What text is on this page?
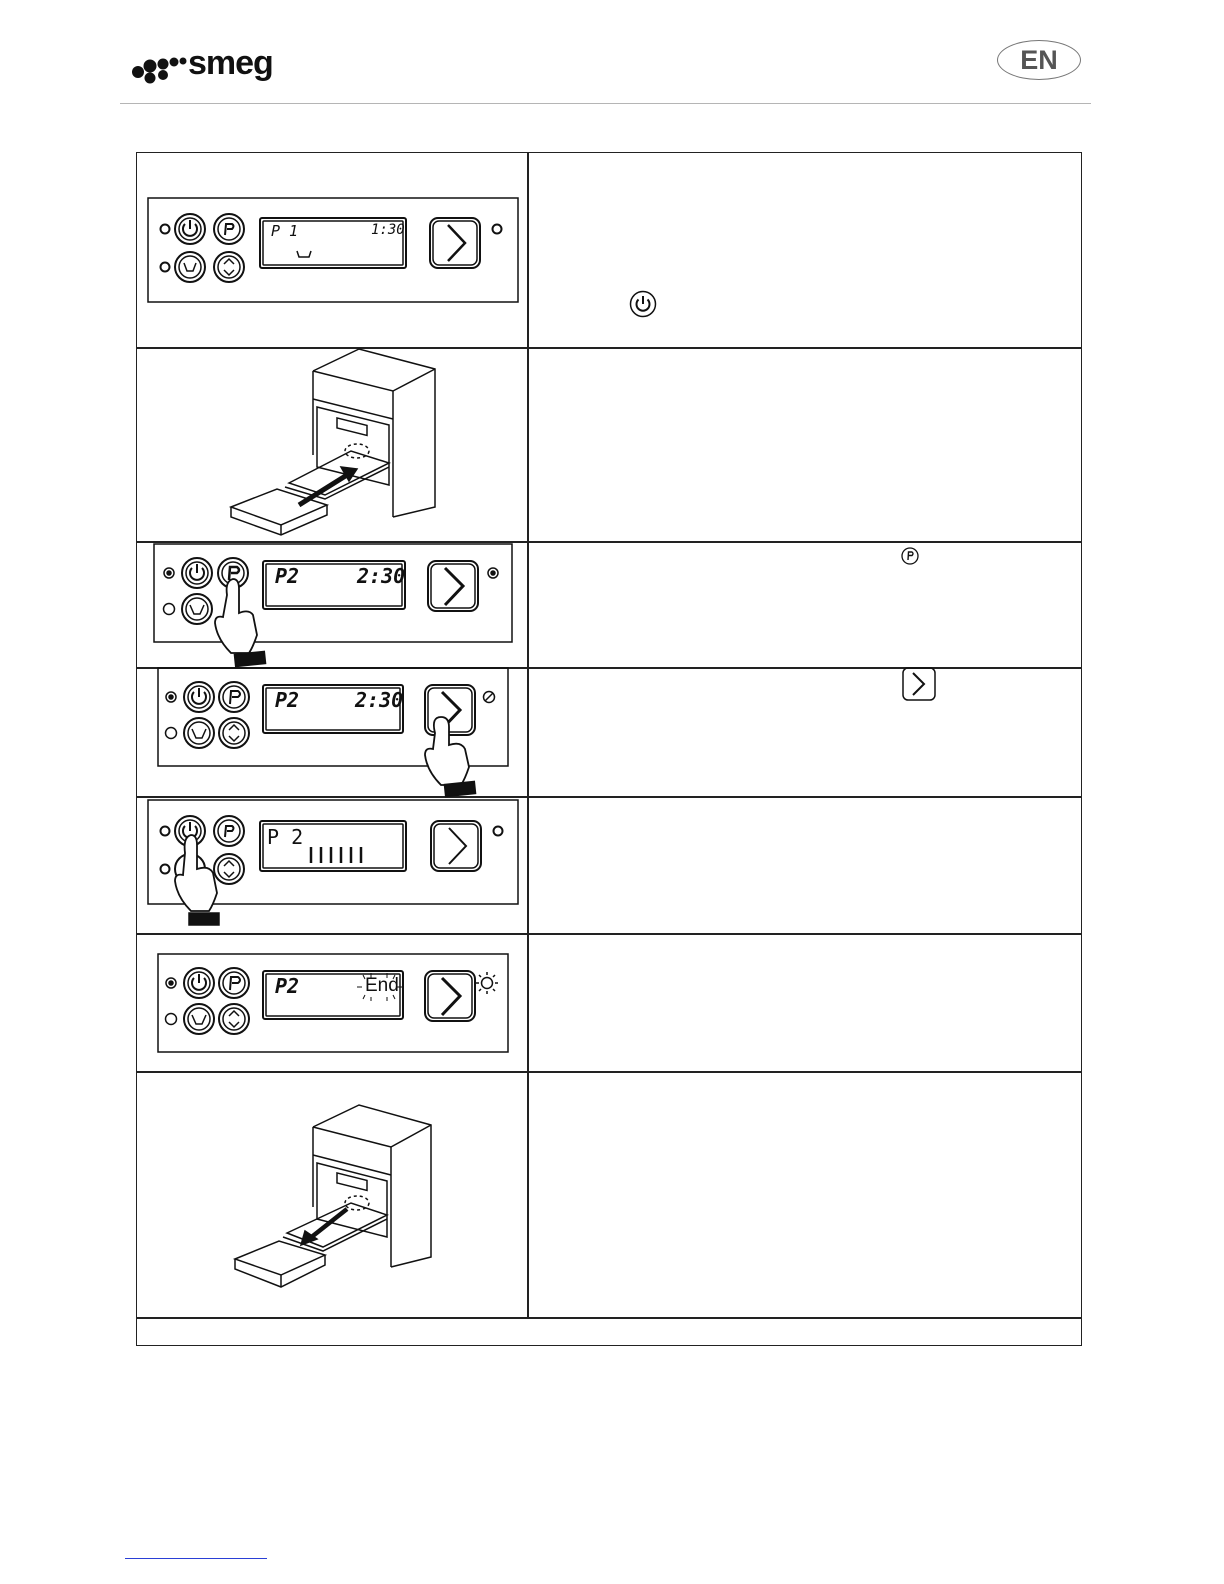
smeg	EN
P 1	1:30
P2	2:30
P2	2:30
P 2
P2	End
